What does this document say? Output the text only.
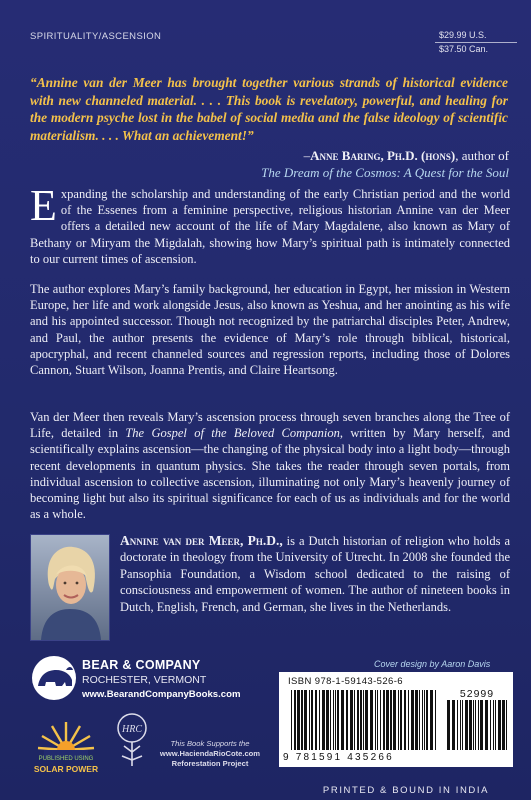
SPIRITUALITY/ASCENSION	$29.99 U.S.
$37.50 Can.

“Annine van der Meer has brought together various strands of historical evidence with new channeled material. . . . This book is revelatory, powerful, and healing for the modern psyche lost in the babel of social media and the false ideology of scientific materialism. . . . What an achievement!”

–Anne Baring, Ph.D. (hons), author of
The Dream of the Cosmos: A Quest for the Soul

Expanding the scholarship and understanding of the early Christian period and the world of the Essenes from a feminine perspective, religious historian Annine van der Meer offers a detailed new account of the life of Mary Magdalene, also known as Mary of Bethany or Miryam the Migdalah, showing how Mary’s spiritual path is intimately connected to our current times of ascension.

The author explores Mary’s family background, her education in Egypt, her mission in Western Europe, her life and work alongside Jesus, also known as Yeshua, and her anointing as his wife and his appointed successor. Though not recognized by the patriarchal disciples Peter, Andrew, and Paul, the author presents the evidence of Mary’s role through biblical, historical, apocryphal, and recent channeled sources and regression reports, including those of Dolores Cannon, Stuart Wilson, Joanna Prentis, and Claire Heartsong.

Van der Meer then reveals Mary’s ascension process through seven branches along the Tree of Life, detailed in The Gospel of the Beloved Companion, written by Mary herself, and scientifically explains ascension—the changing of the physical body into a light body—through recent developments in quantum physics. She takes the reader through seven portals, from individual ascension to collective ascension, illuminating not only Mary’s heavenly journey of becoming light but also its spiritual significance for each of us as individuals and for the world as a whole.

Annine van der Meer, Ph.D., is a Dutch historian of religion who holds a doctorate in theology from the University of Utrecht. In 2008 she founded the Pansophia Foundation, a Wisdom school dedicated to the raising of consciousness and empowerment of women. The author of nineteen books in Dutch, English, French, and German, she lives in the Netherlands.

BEAR & COMPANY
ROCHESTER, VERMONT
www.BearandCompanyBooks.com
PUBLISHED USING
SOLAR POWER
HRC
This Book Supports the
www.HaciendaRioCote.com
Reforestation Project
Cover design by Aaron Davis
ISBN 978-1-59143-526-6
52999
9 781591 435266
PRINTED & BOUND IN INDIA
